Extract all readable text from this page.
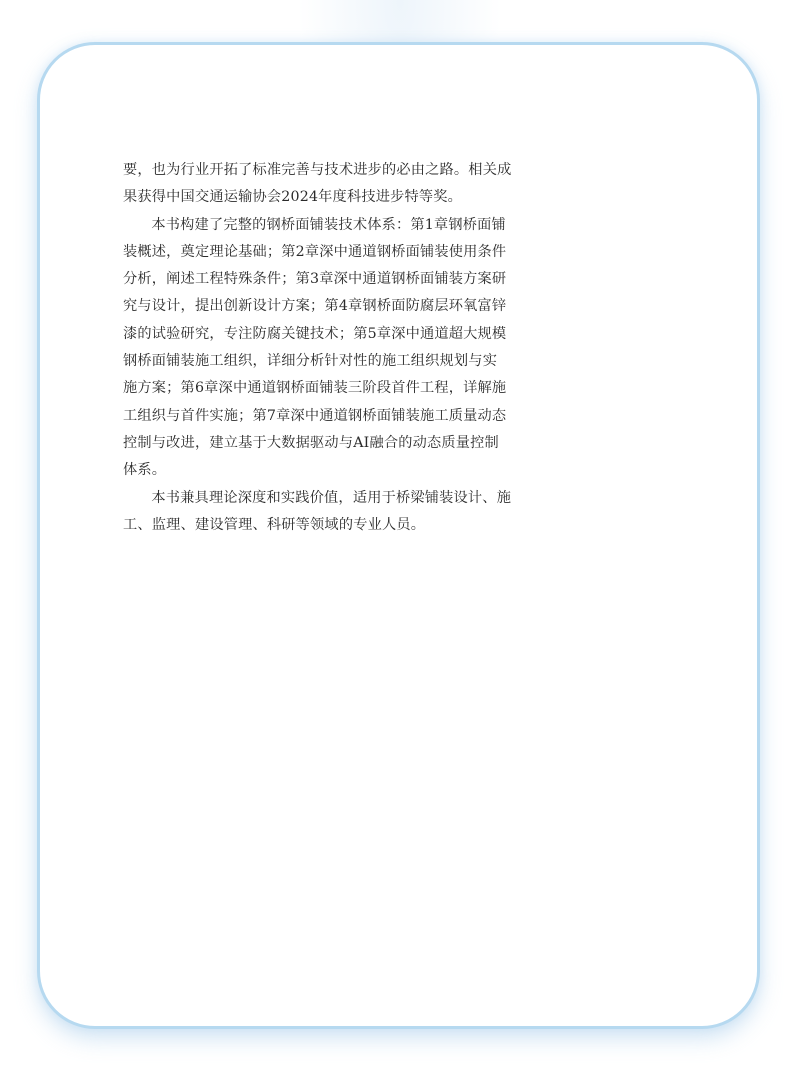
要，也为行业开拓了标准完善与技术进步的必由之路。相关成
果获得中国交通运输协会2024年度科技进步特等奖。

本书构建了完整的钢桥面铺装技术体系：第1章钢桥面铺
装概述，奠定理论基础；第2章深中通道钢桥面铺装使用条件
分析，阐述工程特殊条件；第3章深中通道钢桥面铺装方案研
究与设计，提出创新设计方案；第4章钢桥面防腐层环氧富锌
漆的试验研究，专注防腐关键技术；第5章深中通道超大规模
钢桥面铺装施工组织，详细分析针对性的施工组织规划与实
施方案；第6章深中通道钢桥面铺装三阶段首件工程，详解施
工组织与首件实施；第7章深中通道钢桥面铺装施工质量动态
控制与改进，建立基于大数据驱动与AI融合的动态质量控制
体系。

本书兼具理论深度和实践价值，适用于桥梁铺装设计、施
工、监理、建设管理、科研等领域的专业人员。
